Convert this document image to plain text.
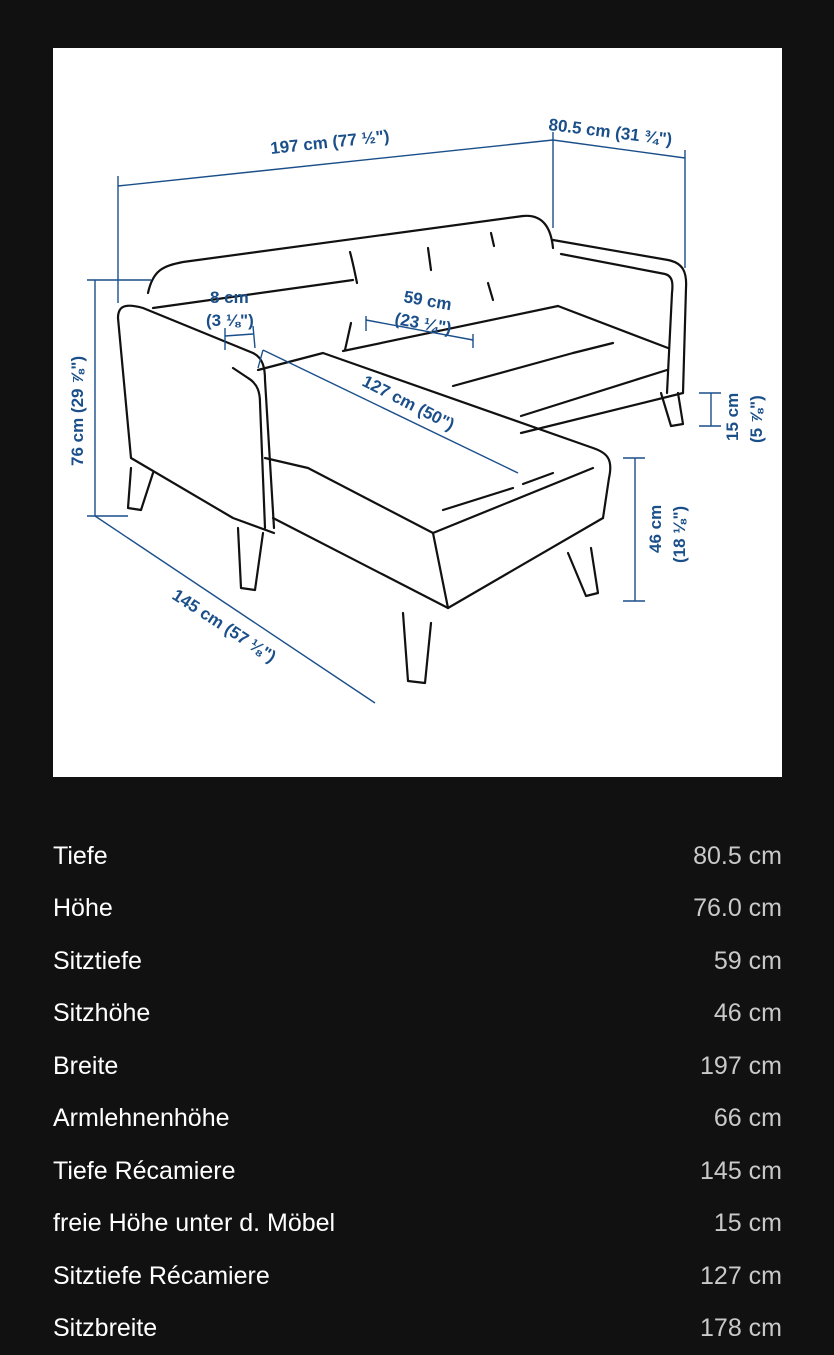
197 cm (77 ½")	80.5 cm (31 ¾")
8 cm
(3 ⅛")
59 cm
(23 ¼")
127 cm (50")
76 cm (29 ⅞")
145 cm (57 ⅛")
46 cm (18 ⅛")
15 cm (5 ⅞")
Tiefe	80.5 cm
Höhe	76.0 cm
Sitztiefe	59 cm
Sitzhöhe	46 cm
Breite	197 cm
Armlehnenhöhe	66 cm
Tiefe Récamiere	145 cm
freie Höhe unter d. Möbel	15 cm
Sitztiefe Récamiere	127 cm
Sitzbreite	178 cm
